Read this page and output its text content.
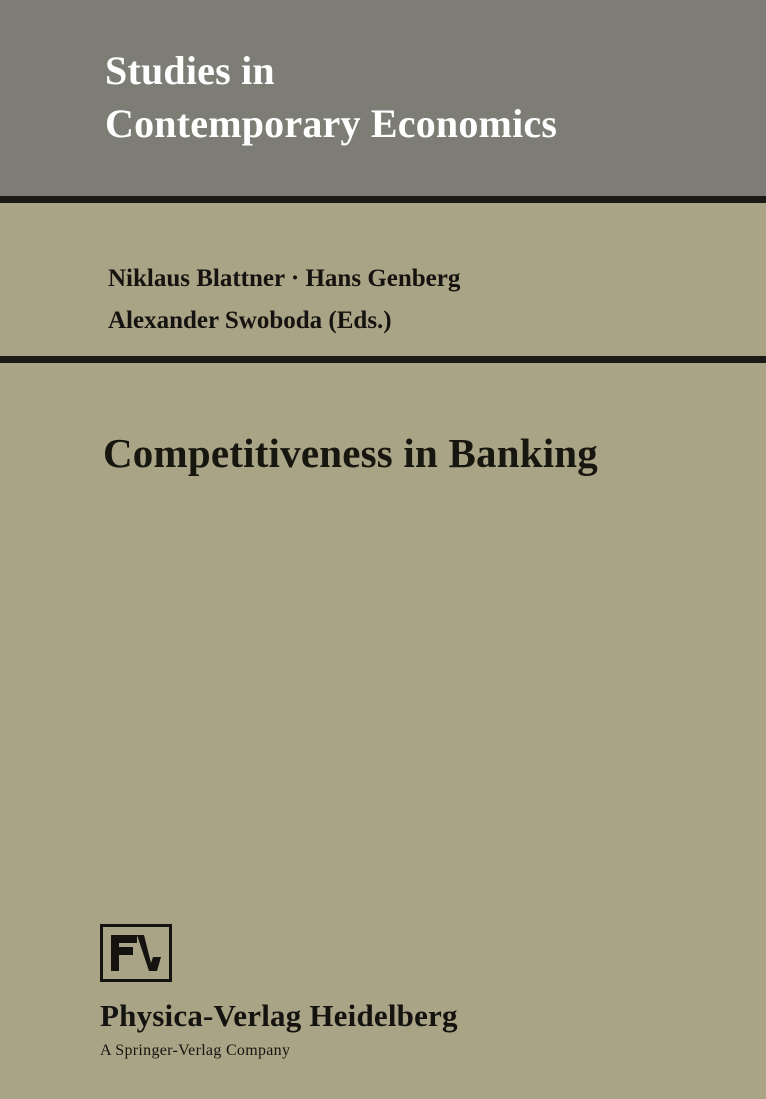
Studies in
Contemporary Economics
Niklaus Blattner · Hans Genberg
Alexander Swoboda (Eds.)
Competitiveness in Banking
Physica-Verlag Heidelberg
A Springer-Verlag Company
